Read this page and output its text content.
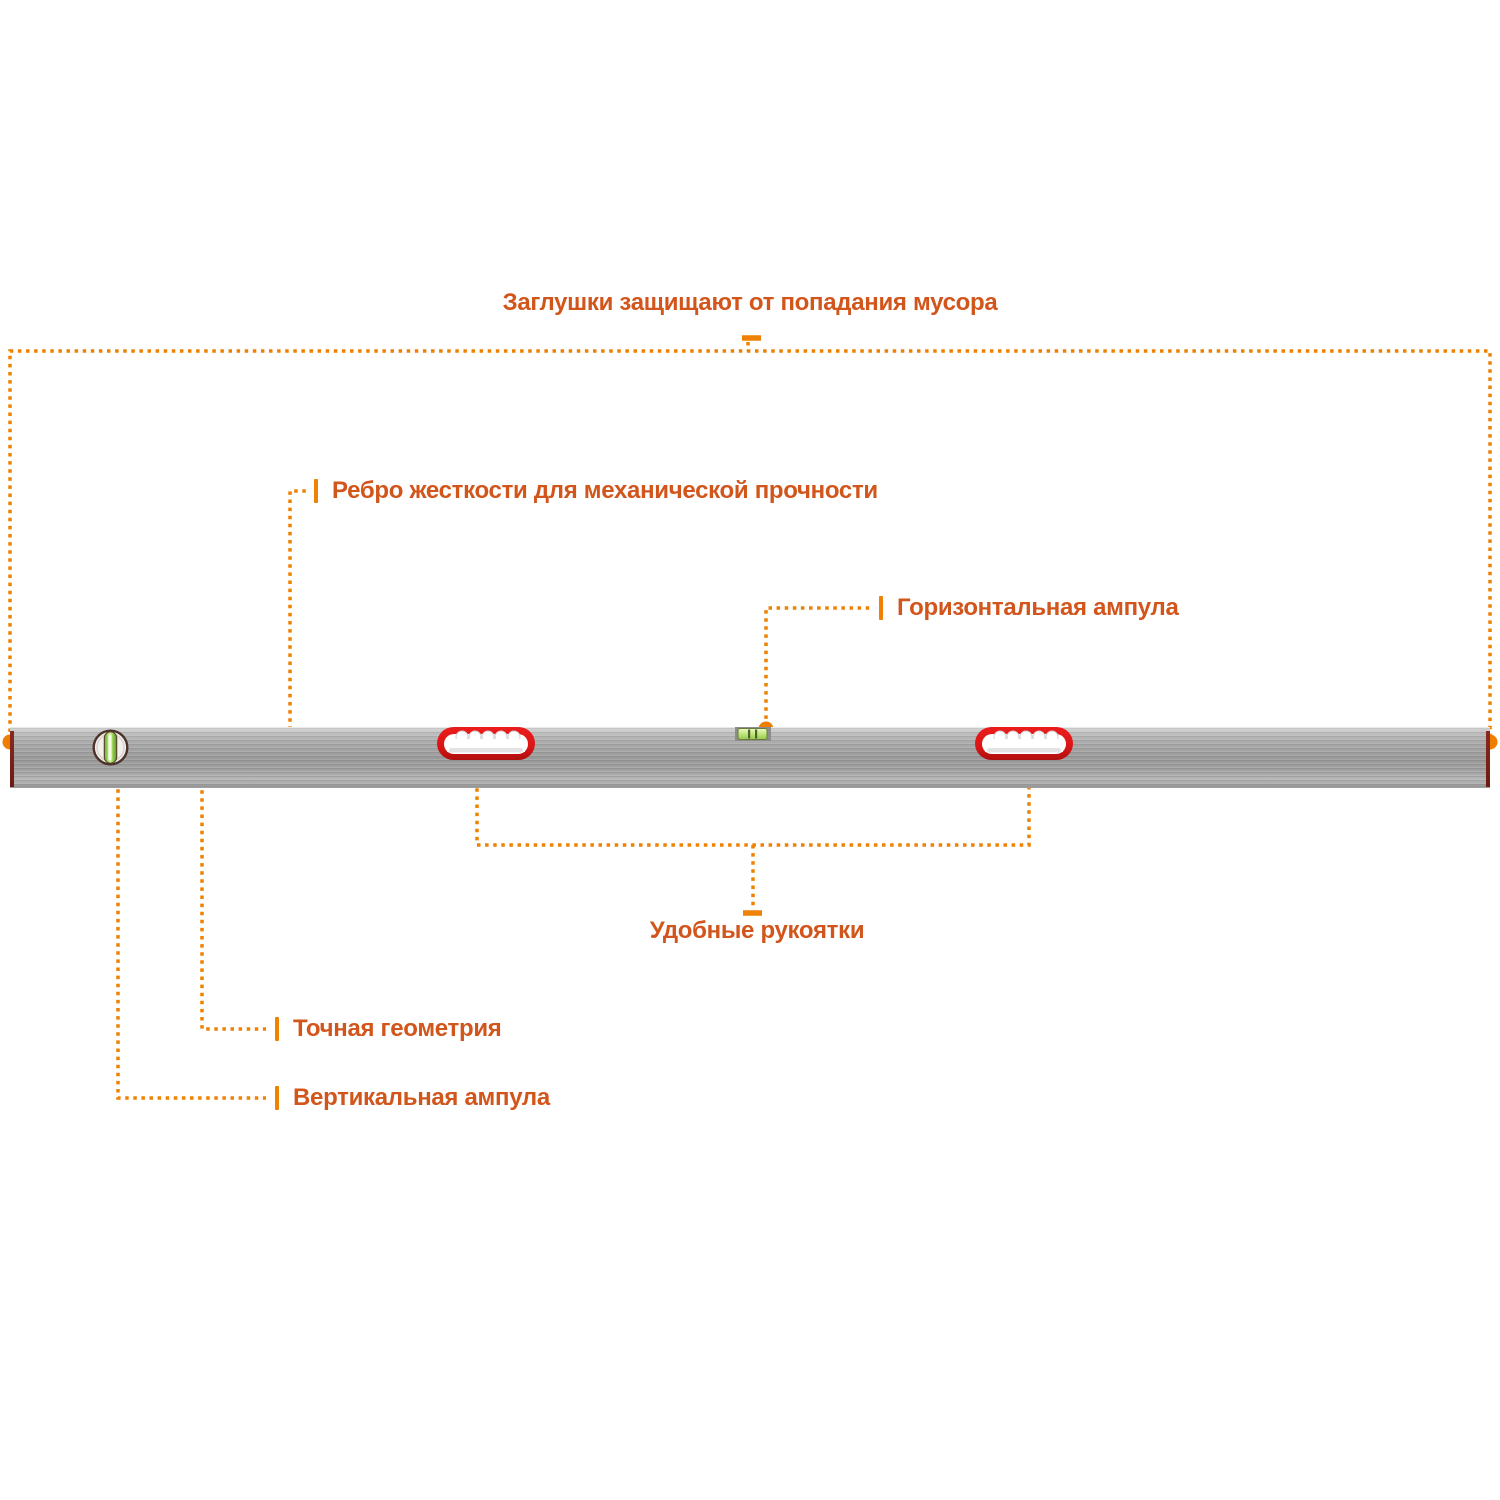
Заглушки защищают от попадания мусора
Ребро жесткости для механической прочности
Горизонтальная ампула
Удобные рукоятки
Точная геометрия
Вертикальная ампула
